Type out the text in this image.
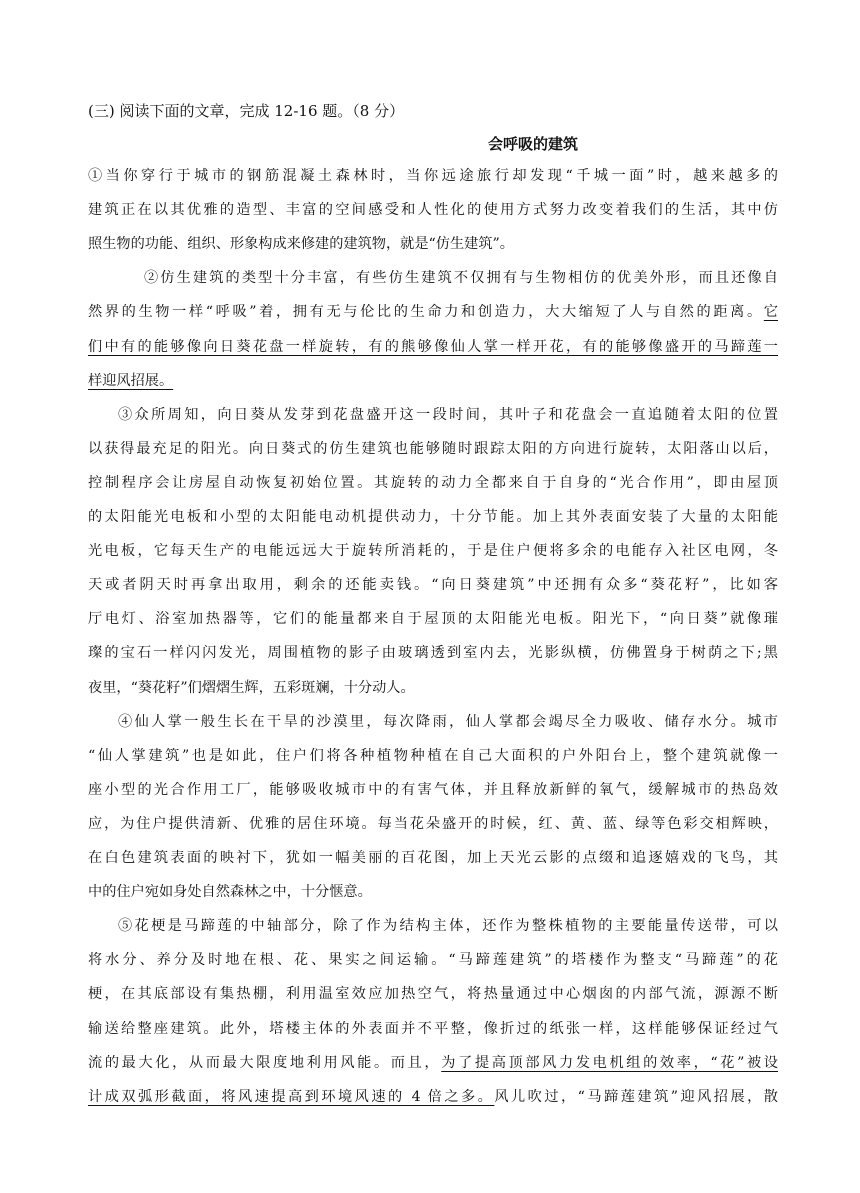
(三) 阅读下面的文章，完成 12-16 题。（8 分）
会呼吸的建筑
①当你穿行于城市的钢筋混凝土森林时，当你远途旅行却发现“千城一面”时，越来越多的
建筑正在以其优雅的造型、丰富的空间感受和人性化的使用方式努力改变着我们的生活，其中仿
照生物的功能、组织、形象构成来修建的建筑物，就是“仿生建筑”。
②仿生建筑的类型十分丰富，有些仿生建筑不仅拥有与生物相仿的优美外形，而且还像自
然界的生物一样“呼吸”着，拥有无与伦比的生命力和创造力，大大缩短了人与自然的距离。它
们中有的能够像向日葵花盘一样旋转，有的熊够像仙人掌一样开花，有的能够像盛开的马蹄莲一
样迎风招展。
③众所周知，向日葵从发芽到花盘盛开这一段时间，其叶子和花盘会一直追随着太阳的位置
以获得最充足的阳光。向日葵式的仿生建筑也能够随时跟踪太阳的方向进行旋转，太阳落山以后，
控制程序会让房屋自动恢复初始位置。其旋转的动力全都来自于自身的“光合作用”，即由屋顶
的太阳能光电板和小型的太阳能电动机提供动力，十分节能。加上其外表面安装了大量的太阳能
光电板，它每天生产的电能远远大于旋转所消耗的，于是住户便将多余的电能存入社区电网，冬
天或者阴天时再拿出取用，剩余的还能卖钱。“向日葵建筑”中还拥有众多“葵花籽”，比如客
厅电灯、浴室加热器等，它们的能量都来自于屋顶的太阳能光电板。阳光下，“向日葵”就像璀
璨的宝石一样闪闪发光，周围植物的影子由玻璃透到室内去，光影纵横，仿佛置身于树荫之下;黑
夜里，“葵花籽”们熠熠生辉，五彩斑斓，十分动人。
④仙人掌一般生长在干旱的沙漠里，每次降雨，仙人掌都会竭尽全力吸收、储存水分。城市
“仙人掌建筑”也是如此，住户们将各种植物种植在自己大面积的户外阳台上，整个建筑就像一
座小型的光合作用工厂，能够吸收城市中的有害气体，并且释放新鲜的氧气，缓解城市的热岛效
应，为住户提供清新、优雅的居住环境。每当花朵盛开的时候，红、黄、蓝、绿等色彩交相辉映，
在白色建筑表面的映衬下，犹如一幅美丽的百花图，加上天光云影的点缀和追逐嬉戏的飞鸟，其
中的住户宛如身处自然森林之中，十分惬意。
⑤花梗是马蹄莲的中轴部分，除了作为结构主体，还作为整株植物的主要能量传送带，可以
将水分、养分及时地在根、花、果实之间运输。“马蹄莲建筑”的塔楼作为整支“马蹄莲”的花
梗，在其底部设有集热棚，利用温室效应加热空气，将热量通过中心烟囱的内部气流，源源不断
输送给整座建筑。此外，塔楼主体的外表面并不平整，像折过的纸张一样，这样能够保证经过气
流的最大化，从而最大限度地利用风能。而且，为了提高顶部风力发电机组的效率，“花”被设
计成双弧形截面，将风速提高到环境风速的 4 倍之多。风儿吹过，“马蹄莲建筑”迎风招展，散
